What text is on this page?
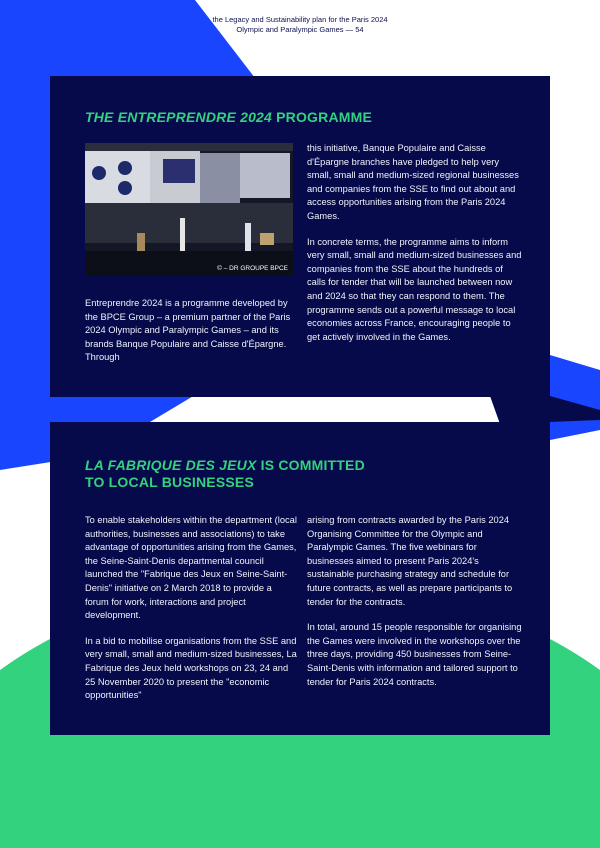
the Legacy and Sustainability plan for the Paris 2024
Olympic and Paralympic Games — 54
THE ENTREPRENDRE 2024 PROGRAMME
© – DR GROUPE BPCE

Entreprendre 2024 is a programme developed by the BPCE Group – a premium partner of the Paris 2024 Olympic and Paralympic Games – and its brands Banque Populaire and Caisse d'Épargne. Through

this initiative, Banque Populaire and Caisse d'Épargne branches have pledged to help very small, small and medium-sized regional businesses and companies from the SSE to find out about and access opportunities arising from the Paris 2024 Games.

In concrete terms, the programme aims to inform very small, small and medium-sized businesses and companies from the SSE about the hundreds of calls for tender that will be launched between now and 2024 so that they can respond to them. The programme sends out a powerful message to local economies across France, encouraging people to get actively involved in the Games.

LA FABRIQUE DES JEUX IS COMMITTED
TO LOCAL BUSINESSES

To enable stakeholders within the department (local authorities, businesses and associations) to take advantage of opportunities arising from the Games, the Seine-Saint-Denis departmental council launched the "Fabrique des Jeux en Seine-Saint-Denis" initiative on 2 March 2018 to provide a forum for work, interactions and project development.

In a bid to mobilise organisations from the SSE and very small, small and medium-sized businesses, La Fabrique des Jeux held workshops on 23, 24 and 25 November 2020 to present the "economic opportunities"

arising from contracts awarded by the Paris 2024 Organising Committee for the Olympic and Paralympic Games. The five webinars for businesses aimed to present Paris 2024's sustainable purchasing strategy and schedule for future contracts, as well as prepare participants to tender for the contracts.

In total, around 15 people responsible for organising the Games were involved in the workshops over the three days, providing 450 businesses from Seine-Saint-Denis with information and tailored support to tender for Paris 2024 contracts.
